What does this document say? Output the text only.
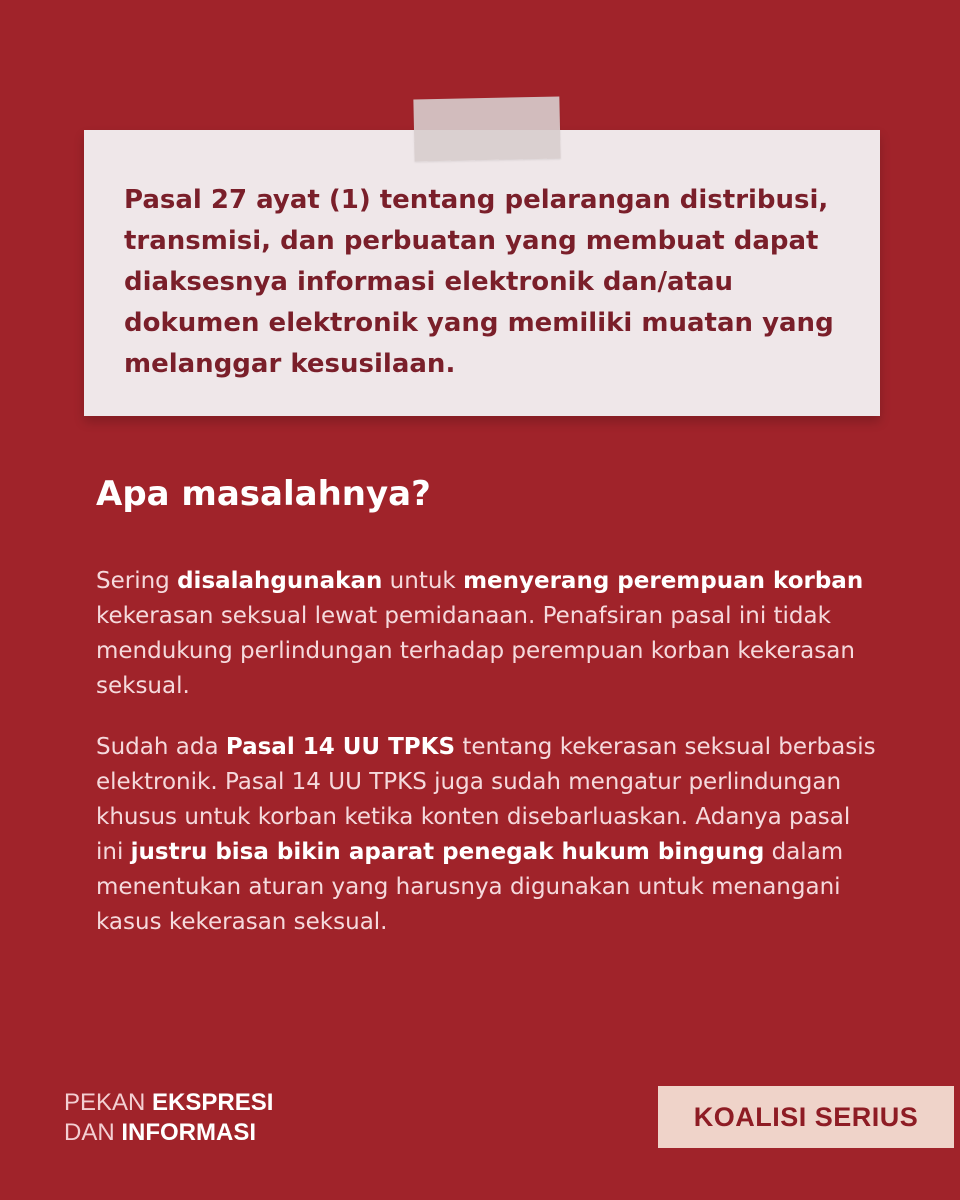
Pasal 27 ayat (1) tentang pelarangan distribusi, transmisi, dan perbuatan yang membuat dapat diaksesnya informasi elektronik dan/atau dokumen elektronik yang memiliki muatan yang melanggar kesusilaan.

Apa masalahnya?

Sering disalahgunakan untuk menyerang perempuan korban kekerasan seksual lewat pemidanaan. Penafsiran pasal ini tidak mendukung perlindungan terhadap perempuan korban kekerasan seksual.

Sudah ada Pasal 14 UU TPKS tentang kekerasan seksual berbasis elektronik. Pasal 14 UU TPKS juga sudah mengatur perlindungan khusus untuk korban ketika konten disebarluaskan. Adanya pasal ini justru bisa bikin aparat penegak hukum bingung dalam menentukan aturan yang harusnya digunakan untuk menangani kasus kekerasan seksual.

PEKAN EKSPRESI
DAN INFORMASI
KOALISI SERIUS
